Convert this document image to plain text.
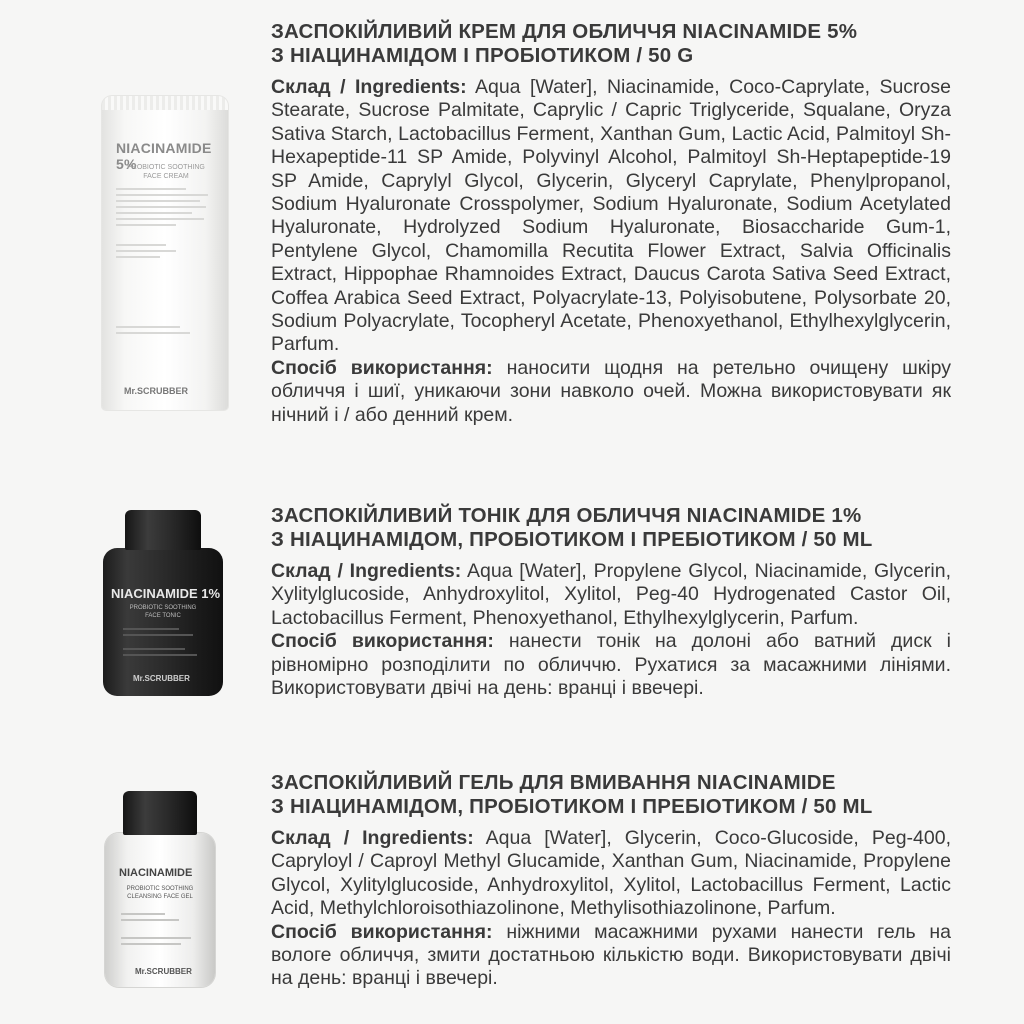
NIACINAMIDE 5%
PROBIOTIC SOOTHING FACE CREAM
Mr.SCRUBBER
NIACINAMIDE 1%
PROBIOTIC SOOTHING FACE TONIC
Mr.SCRUBBER
NIACINAMIDE
PROBIOTIC SOOTHING CLEANSING FACE GEL
Mr.SCRUBBER
ЗАСПОКІЙЛИВИЙ КРЕМ ДЛЯ ОБЛИЧЧЯ NIACINAMIDE 5%
З НІАЦИНАМІДОМ І ПРОБІОТИКОМ / 50 G

Склад / Ingredients: Aqua [Water], Niacinamide, Coco-Caprylate, Sucrose Stearate, Sucrose Palmitate, Caprylic / Capric Triglyceride, Squalane, Oryza Sativa Starch, Lactobacillus Ferment, Xanthan Gum, Lactic Acid, Palmitoyl Sh-Hexapeptide-11 SP Amide, Polyvinyl Alcohol, Palmitoyl Sh-Heptapeptide-19 SP Amide, Caprylyl Glycol, Glycerin, Glyceryl Caprylate, Phenylpropanol, Sodium Hyaluronate Crosspolymer, Sodium Hyaluronate, Sodium Acetylated Hyaluronate, Hydrolyzed Sodium Hyaluronate, Biosaccharide Gum-1, Pentylene Glycol, Chamomilla Recutita Flower Extract, Salvia Officinalis Extract, Hippophae Rhamnoides Extract, Daucus Carota Sativa Seed Extract, Coffea Arabica Seed Extract, Polyacrylate-13, Polyisobutene, Polysorbate 20, Sodium Polyacrylate, Tocopheryl Acetate, Phenoxyethanol, Ethylhexylglycerin, Parfum.

Спосіб використання: наносити щодня на ретельно очищену шкіру обличчя і шиї, уникаючи зони навколо очей. Можна використовувати як нічний і / або денний крем.

ЗАСПОКІЙЛИВИЙ ТОНІК ДЛЯ ОБЛИЧЧЯ NIACINAMIDE 1%
З НІАЦИНАМІДОМ, ПРОБІОТИКОМ І ПРЕБІОТИКОМ / 50 ML

Склад / Ingredients: Aqua [Water], Propylene Glycol, Niacinamide, Glycerin, Xylitylglucoside, Anhydroxylitol, Xylitol, Peg-40 Hydrogenated Castor Oil, Lactobacillus Ferment, Phenoxyethanol, Ethylhexylglycerin, Parfum.

Спосіб використання: нанести тонік на долоні або ватний диск і рівномірно розподілити по обличчю. Рухатися за масажними лініями. Використовувати двічі на день: вранці і ввечері.

ЗАСПОКІЙЛИВИЙ ГЕЛЬ ДЛЯ ВМИВАННЯ NIACINAMIDE
З НІАЦИНАМІДОМ, ПРОБІОТИКОМ І ПРЕБІОТИКОМ / 50 ML

Склад / Ingredients: Aqua [Water], Glycerin, Coco-Glucoside, Peg-400, Capryloyl / Caproyl Methyl Glucamide, Xanthan Gum, Niacinamide, Propylene Glycol, Xylitylglucoside, Anhydroxylitol, Xylitol, Lactobacillus Ferment, Lactic Acid, Methylchloroisothiazolinone, Methylisothiazolinone, Parfum.

Спосіб використання: ніжними масажними рухами нанести гель на вологе обличчя, змити достатньою кількістю води. Використовувати двічі на день: вранці і ввечері.
